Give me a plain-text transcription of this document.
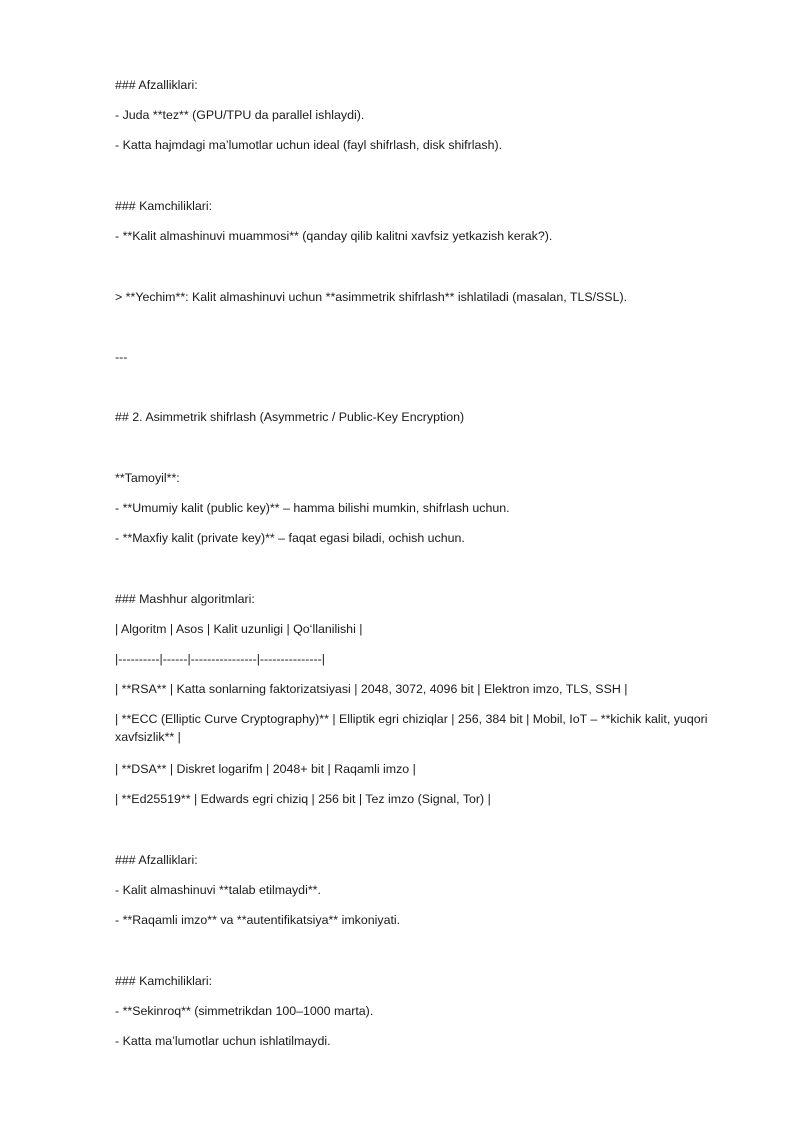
### Afzalliklari:
- Juda **tez** (GPU/TPU da parallel ishlaydi).
- Katta hajmdagi ma’lumotlar uchun ideal (fayl shifrlash, disk shifrlash).
### Kamchiliklari:
- **Kalit almashinuvi muammosi** (qanday qilib kalitni xavfsiz yetkazish kerak?).
> **Yechim**: Kalit almashinuvi uchun **asimmetrik shifrlash** ishlatiladi (masalan, TLS/SSL).
---
## 2. Asimmetrik shifrlash (Asymmetric / Public-Key Encryption)
**Tamoyil**:
- **Umumiy kalit (public key)** – hamma bilishi mumkin, shifrlash uchun.
- **Maxfiy kalit (private key)** – faqat egasi biladi, ochish uchun.
### Mashhur algoritmlari:
| Algoritm | Asos | Kalit uzunligi | Qo‘llanilishi |
|----------|------|----------------|---------------|
| **RSA** | Katta sonlarning faktorizatsiyasi | 2048, 3072, 4096 bit | Elektron imzo, TLS, SSH |
| **ECC (Elliptic Curve Cryptography)** | Elliptik egri chiziqlar | 256, 384 bit | Mobil, IoT – **kichik kalit, yuqori xavfsizlik** |
| **DSA** | Diskret logarifm | 2048+ bit | Raqamli imzo |
| **Ed25519** | Edwards egri chiziq | 256 bit | Tez imzo (Signal, Tor) |
### Afzalliklari:
- Kalit almashinuvi **talab etilmaydi**.
- **Raqamli imzo** va **autentifikatsiya** imkoniyati.
### Kamchiliklari:
- **Sekinroq** (simmetrikdan 100–1000 marta).
- Katta ma’lumotlar uchun ishlatilmaydi.
